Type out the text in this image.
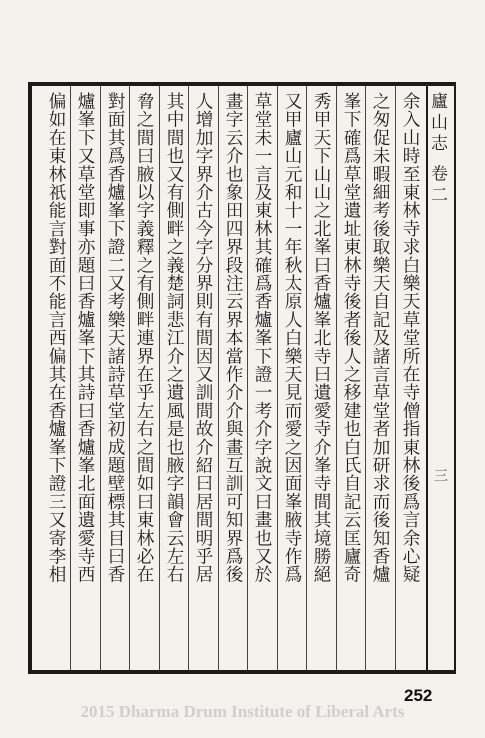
廬山志 卷二
三
余入山時至東林寺求白樂天草堂所在寺僧指東林後爲言余心疑
之匆促未暇細考後取樂天自記及諸言草堂者加研求而後知香爐
峯下確爲草堂遺址東林寺後者後人之移建也白氏自記云匡廬奇
秀甲天下山山之北峯曰香爐峯北寺曰遺愛寺介峯寺間其境勝絕
又甲廬山元和十一年秋太原人白樂天見而愛之因面峯腋寺作爲
草堂未一言及東林其確爲香爐峯下證一考介字說文曰畫也又於
畫字云介也象田四界段注云界本當作介介與畫互訓可知界爲後
人增加字界介古今字分界則有間因又訓間故介紹曰居間明乎居
其中間也又有側畔之義楚詞悲江介之遺風是也腋字韻會云左右
脅之間曰腋以字義釋之有側畔連界在乎左右之間如曰東林必在
對面其爲香爐峯下證二又考樂天諸詩草堂初成題壁標其目曰香
爐峯下又草堂即事亦題曰香爐峯下其詩曰香爐峯北面遺愛寺西
偏如在東林祇能言對面不能言西偏其在香爐峯下證三又寄李相
252
2015 Dharma Drum Institute of Liberal Arts
